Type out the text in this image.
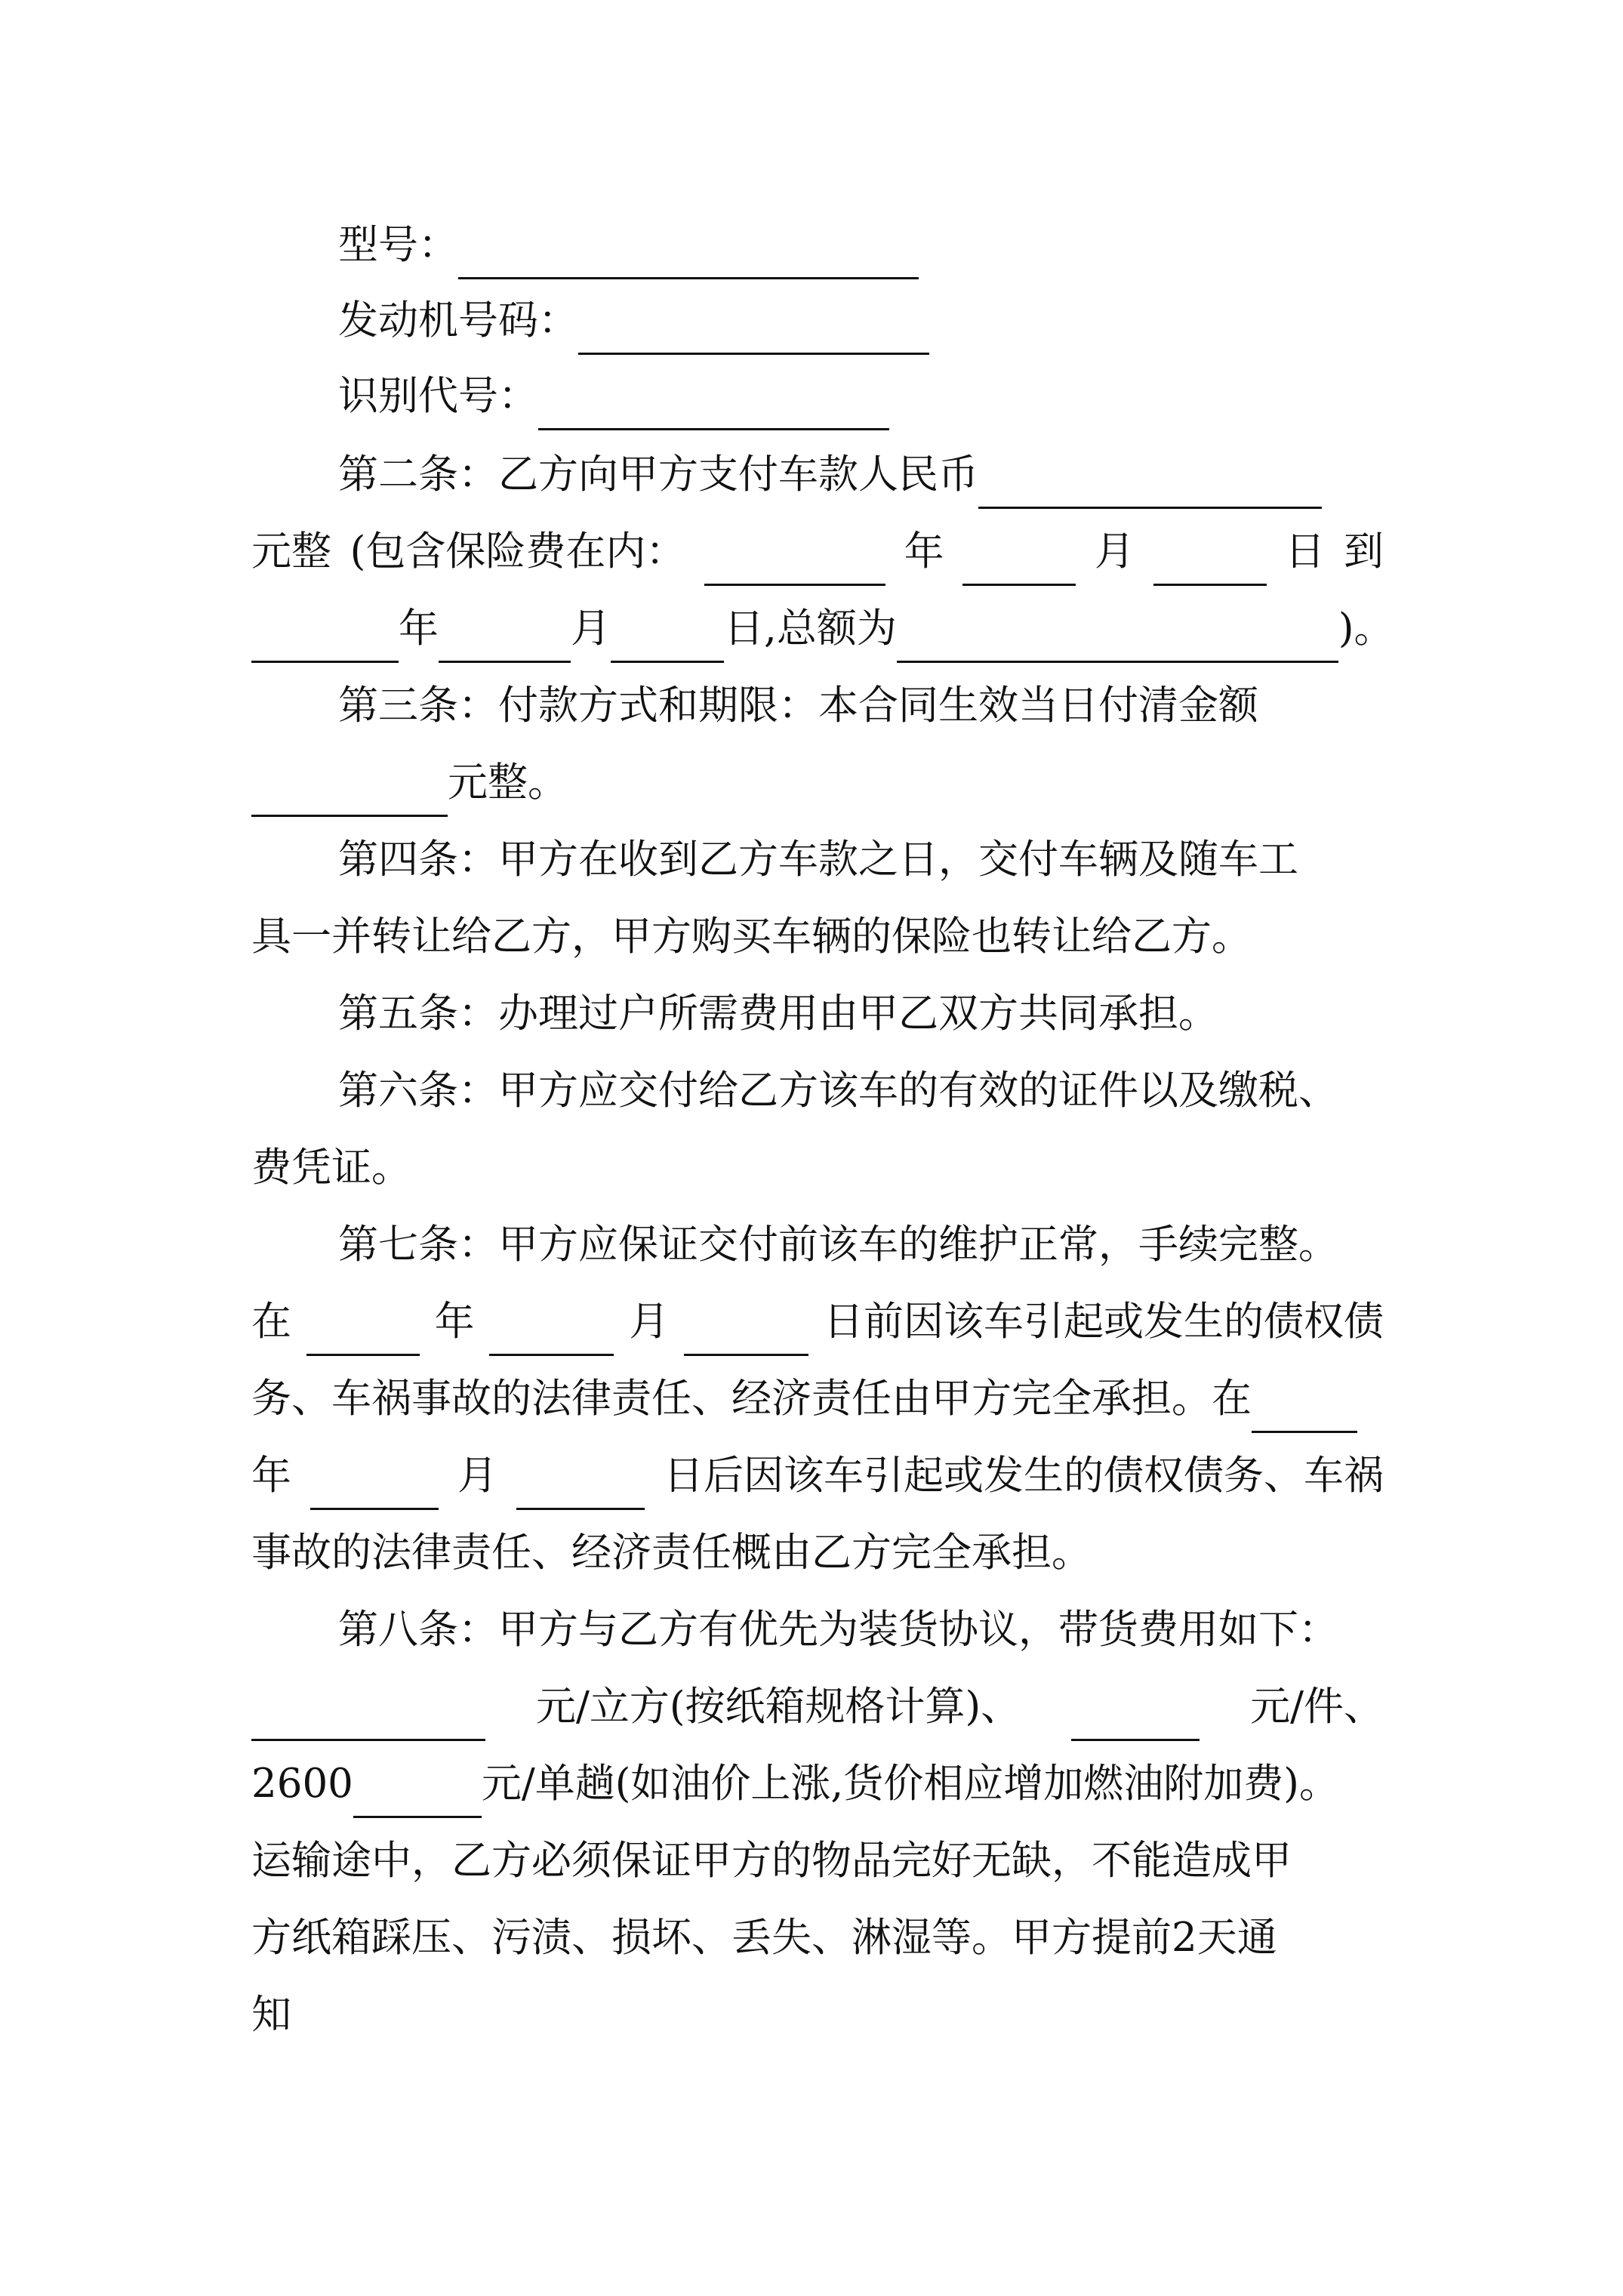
型号：
发动机号码：
识别代号：
第二条：乙方向甲方支付车款人民币
元整 (包含保险费在内：	年	月	日 到
年	月	日,总额为	)。
第三条：付款方式和期限：本合同生效当日付清金额
元整。
第四条：甲方在收到乙方车款之日，交付车辆及随车工
具一并转让给乙方，甲方购买车辆的保险也转让给乙方。
第五条：办理过户所需费用由甲乙双方共同承担。
第六条：甲方应交付给乙方该车的有效的证件以及缴税、
费凭证。
第七条：甲方应保证交付前该车的维护正常，手续完整。
在	年	月	日前因该车引起或发生的债权债
务、车祸事故的法律责任、经济责任由甲方完全承担。在
年	月	日后因该车引起或发生的债权债务、车祸
事故的法律责任、经济责任概由乙方完全承担。
第八条：甲方与乙方有优先为装货协议，带货费用如下：
元/立方(按纸箱规格计算)、	元/件、
2600	元/单趟(如油价上涨,货价相应增加燃油附加费)。
运输途中，乙方必须保证甲方的物品完好无缺，不能造成甲
方纸箱踩压、污渍、损坏、丢失、淋湿等。甲方提前2天通
知
